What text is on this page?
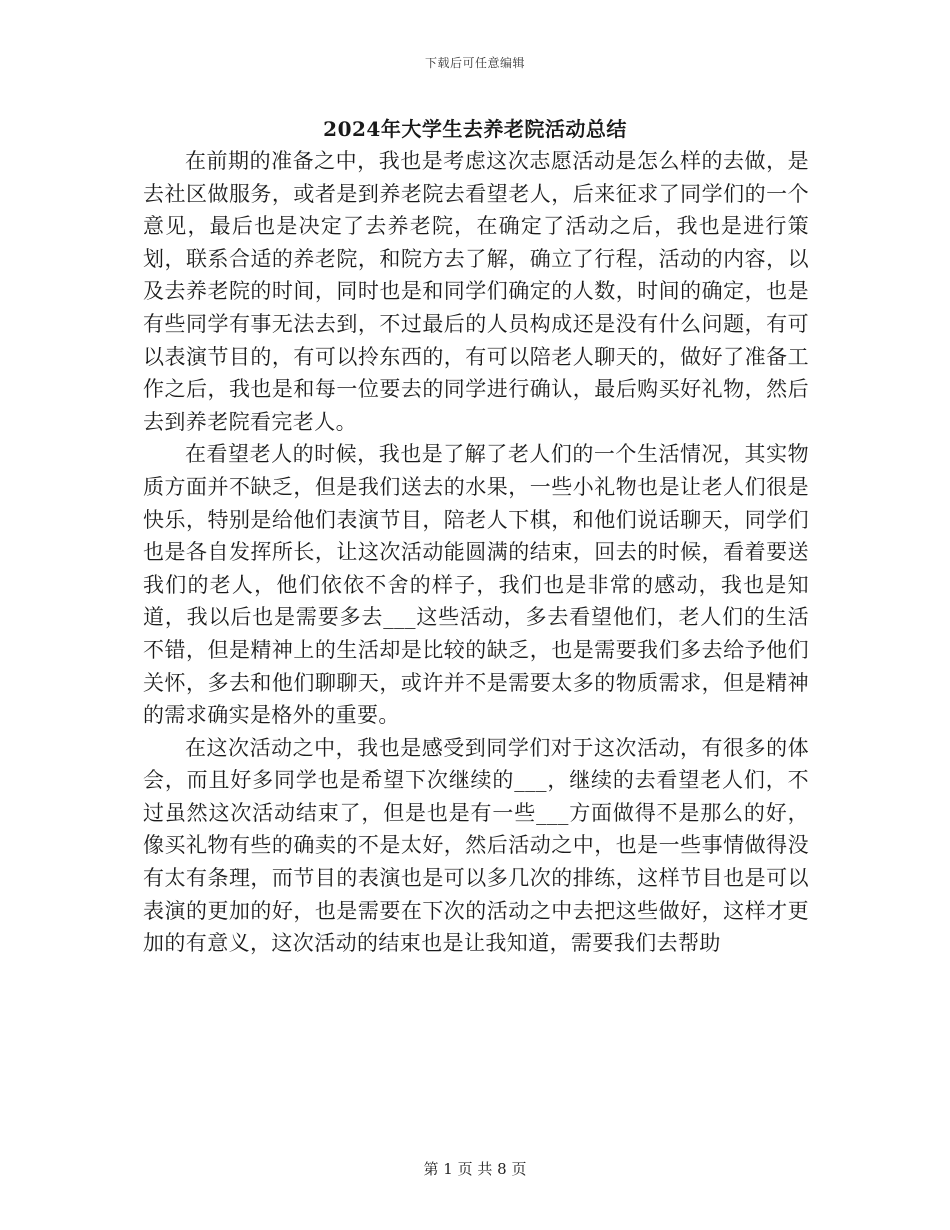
下载后可任意编辑
2024年大学生去养老院活动总结

在前期的准备之中，我也是考虑这次志愿活动是怎么样的去做，是去社区做服务，或者是到养老院去看望老人，后来征求了同学们的一个意见，最后也是决定了去养老院，在确定了活动之后，我也是进行策划，联系合适的养老院，和院方去了解，确立了行程，活动的内容，以及去养老院的时间，同时也是和同学们确定的人数，时间的确定，也是有些同学有事无法去到，不过最后的人员构成还是没有什么问题，有可以表演节目的，有可以拎东西的，有可以陪老人聊天的，做好了准备工作之后，我也是和每一位要去的同学进行确认，最后购买好礼物，然后去到养老院看完老人。

在看望老人的时候，我也是了解了老人们的一个生活情况，其实物质方面并不缺乏，但是我们送去的水果，一些小礼物也是让老人们很是快乐，特别是给他们表演节目，陪老人下棋，和他们说话聊天，同学们也是各自发挥所长，让这次活动能圆满的结束，回去的时候，看着要送我们的老人，他们依依不舍的样子，我们也是非常的感动，我也是知道，我以后也是需要多去___这些活动，多去看望他们，老人们的生活不错，但是精神上的生活却是比较的缺乏，也是需要我们多去给予他们关怀，多去和他们聊聊天，或许并不是需要太多的物质需求，但是精神的需求确实是格外的重要。

在这次活动之中，我也是感受到同学们对于这次活动，有很多的体会，而且好多同学也是希望下次继续的___，继续的去看望老人们，不过虽然这次活动结束了，但是也是有一些___方面做得不是那么的好，像买礼物有些的确卖的不是太好，然后活动之中，也是一些事情做得没有太有条理，而节目的表演也是可以多几次的排练，这样节目也是可以表演的更加的好，也是需要在下次的活动之中去把这些做好，这样才更加的有意义，这次活动的结束也是让我知道，需要我们去帮助

第 1 页 共 8 页
